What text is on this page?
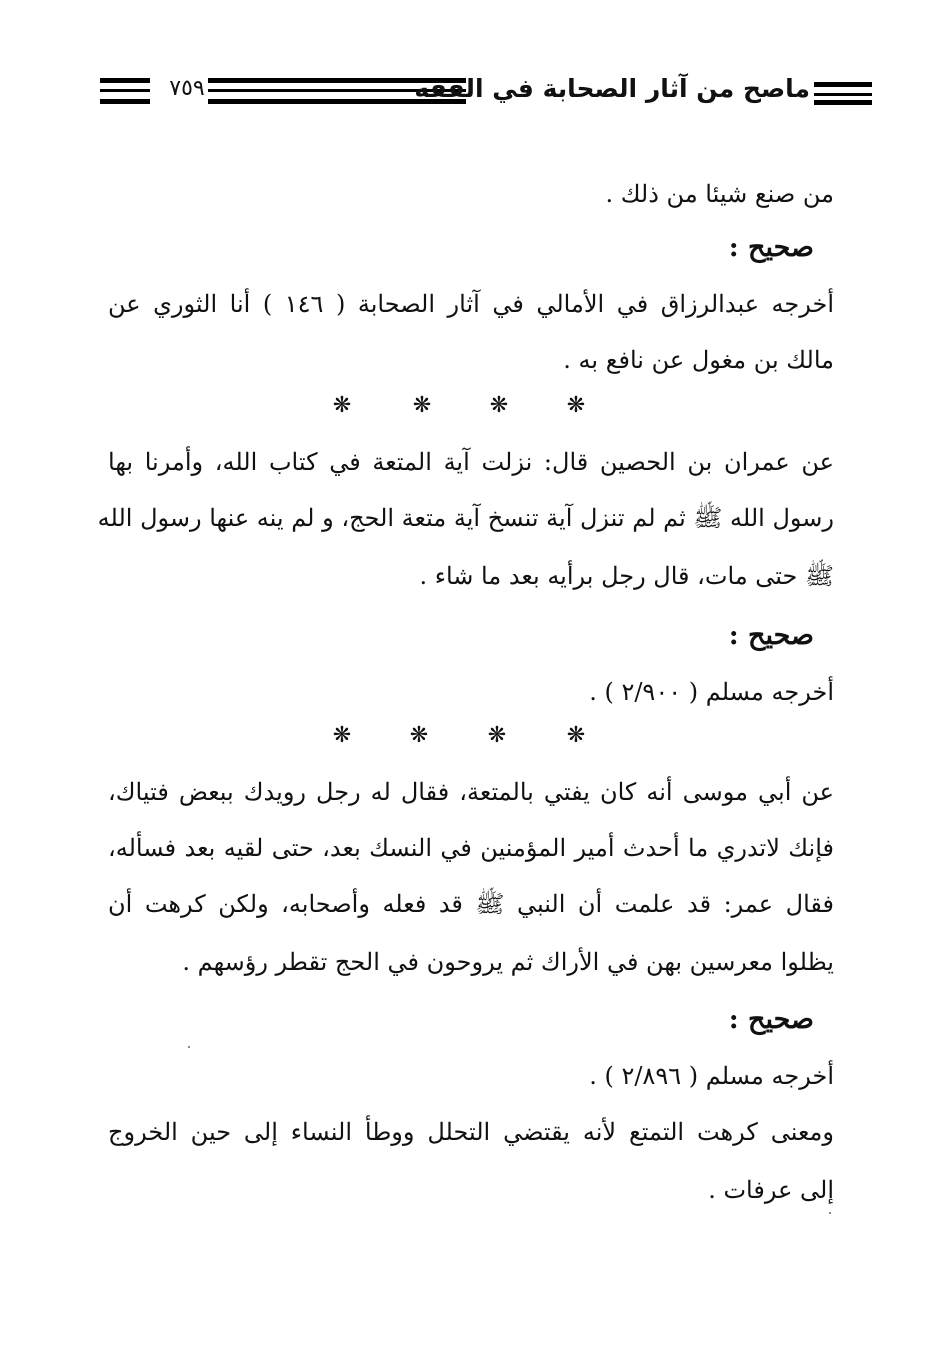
ماصح من آثار الصحابة في الفقه
٧٥٩
من صنع شيئا من ذلك .
صحيح :
أخرجه عبدالرزاق في الأمالي في آثار الصحابة ( ١٤٦ ) أنا الثوري عن
مالك بن مغول عن نافع به .
❋	❋	❋	❋
عن عمران بن الحصين قال: نزلت آية المتعة في كتاب الله، وأمرنا بها
رسول الله ﷺ ثم لم تنزل آية تنسخ آية متعة الحج، و لم ينه عنها رسول الله
ﷺ حتى مات، قال رجل برأيه بعد ما شاء .
صحيح :
أخرجه مسلم ( ٢/٩٠٠ ) .
❋	❋	❋	❋
عن أبي موسى أنه كان يفتي بالمتعة، فقال له رجل رويدك ببعض فتياك،
فإنك لاتدري ما أحدث أمير المؤمنين في النسك بعد، حتى لقيه بعد فسأله،
فقال عمر: قد علمت أن النبي ﷺ قد فعله وأصحابه، ولكن كرهت أن
يظلوا معرسين بهن في الأراك ثم يروحون في الحج تقطر رؤسهم .
صحيح :
أخرجه مسلم ( ٢/٨٩٦ ) .
ومعنى كرهت التمتع لأنه يقتضي التحلل ووطأ النساء إلى حين الخروج
إلى عرفات .
